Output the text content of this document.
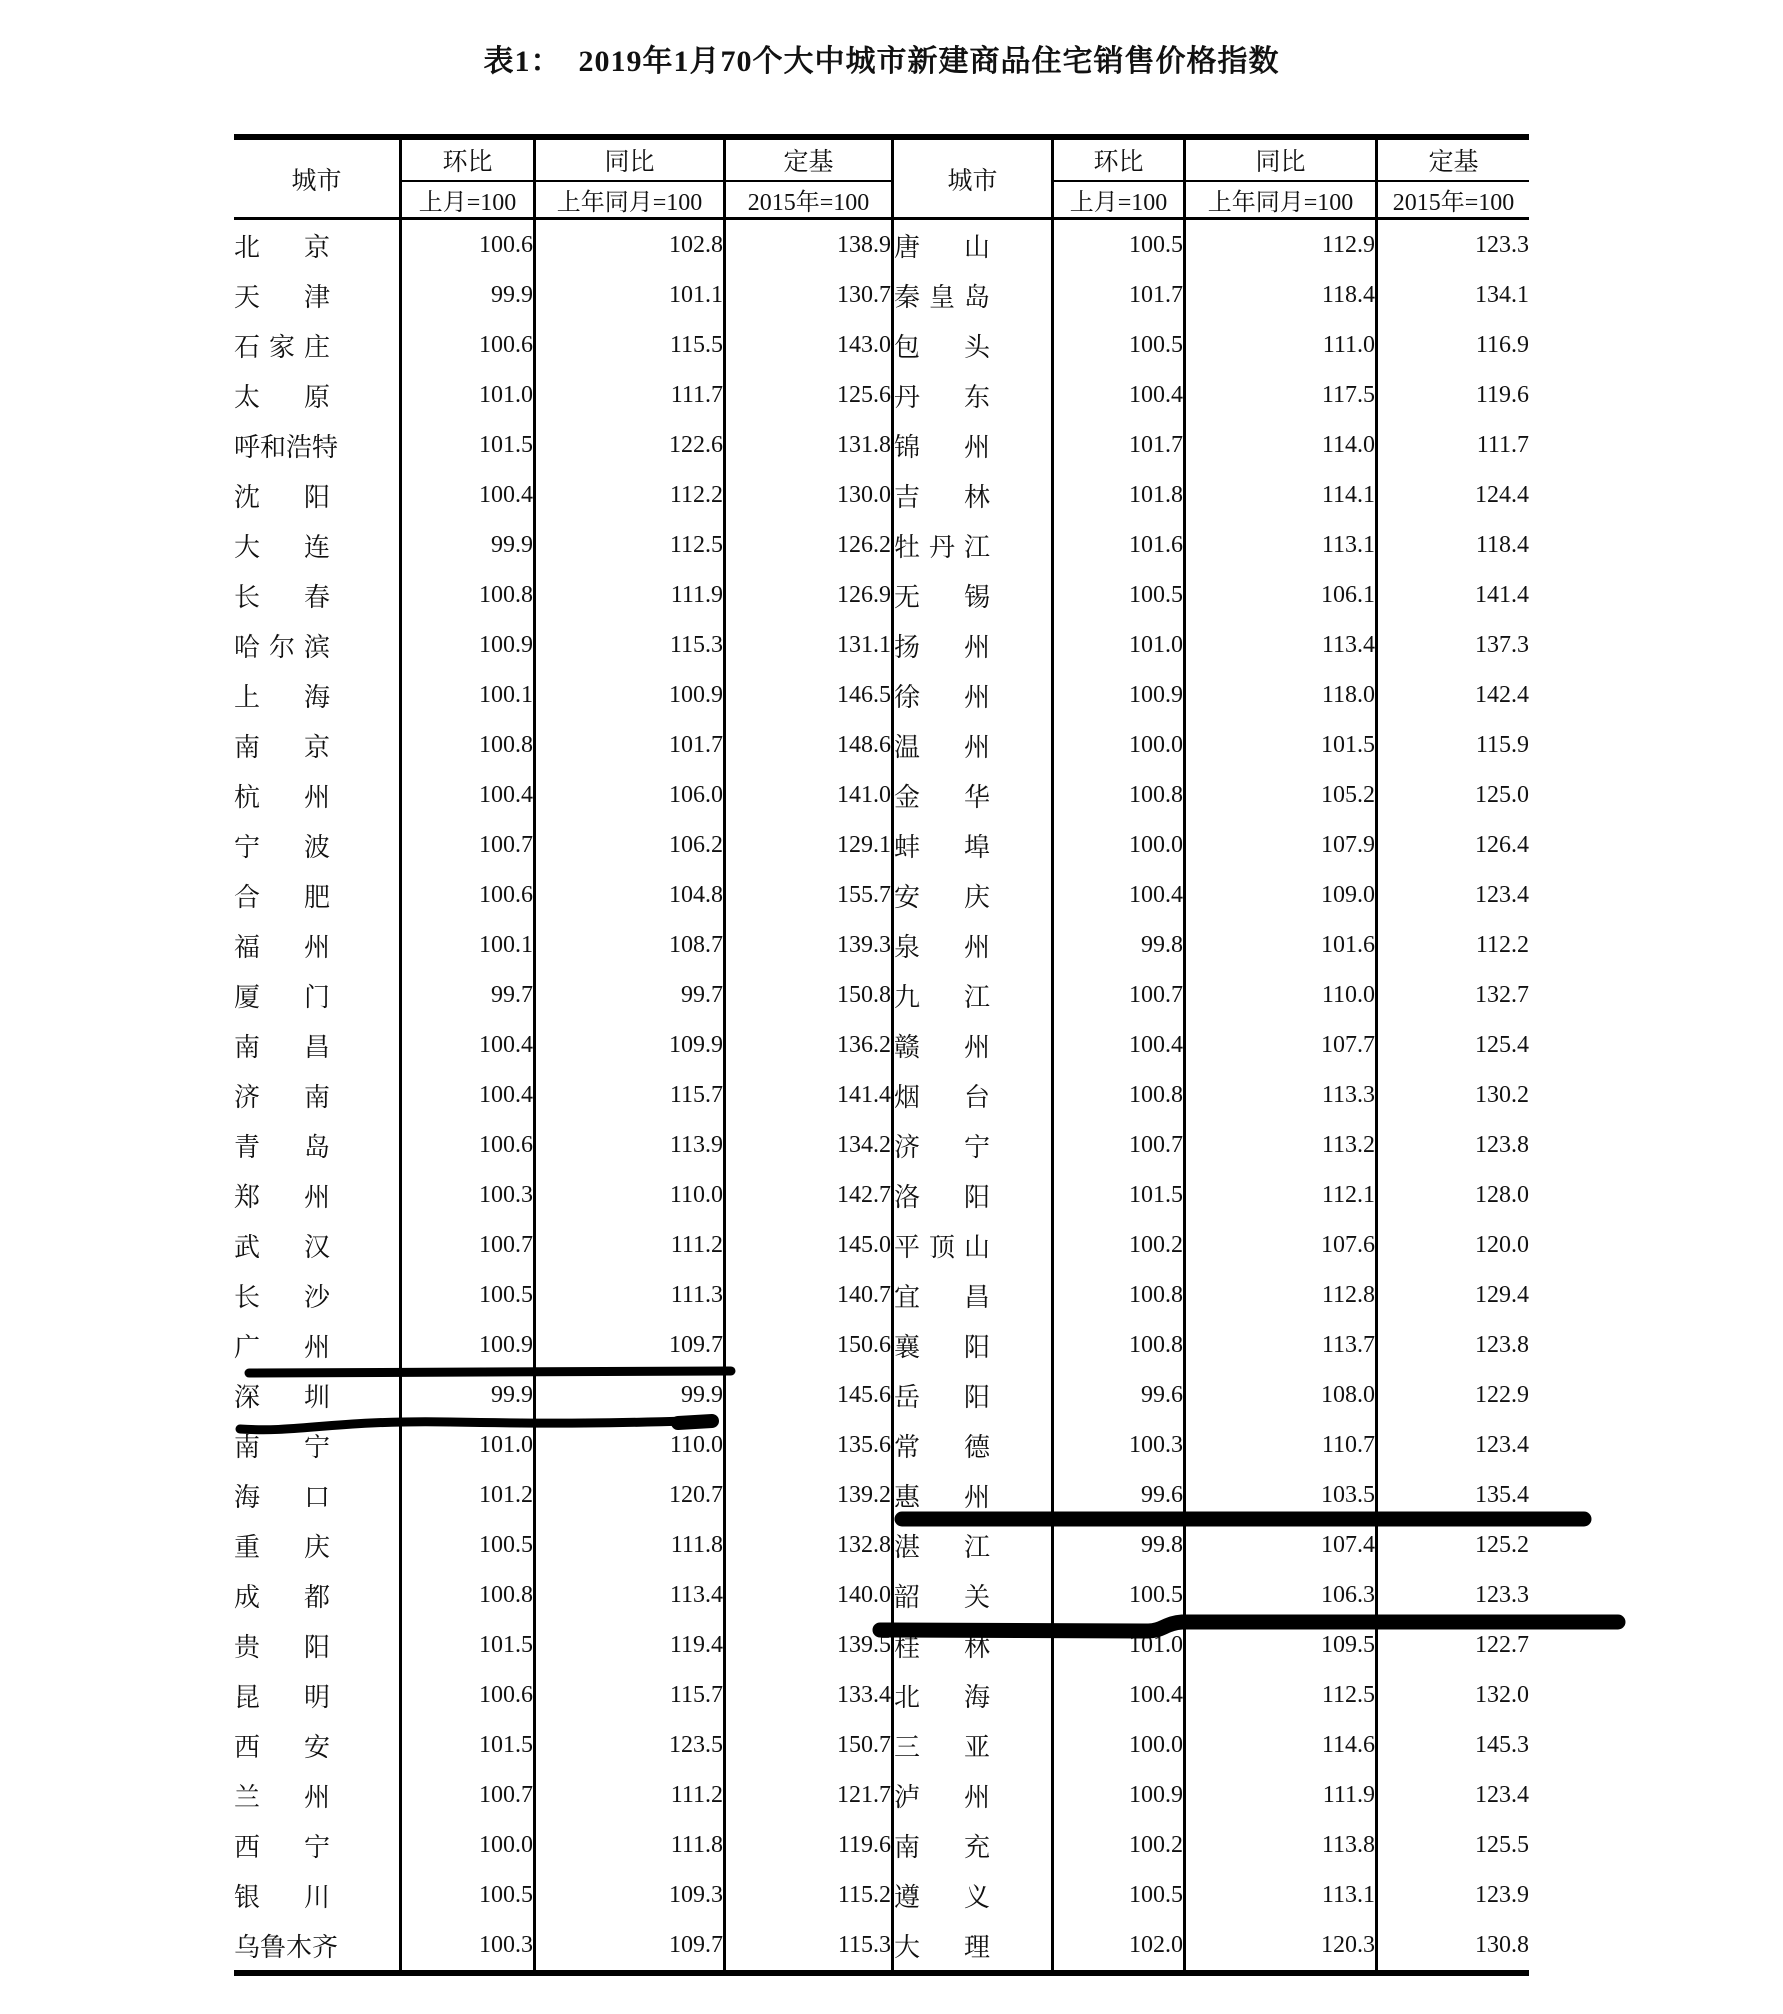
表1：  2019年1月70个大中城市新建商品住宅销售价格指数
城市	环比	同比	定基	城市	环比	同比	定基
	上月=100	上年同月=100	2015年=100		上月=100	上年同月=100	2015年=100
北京	100.6	102.8	138.9	唐山	100.5	112.9	123.3
天津	99.9	101.1	130.7	秦皇岛	101.7	118.4	134.1
石家庄	100.6	115.5	143.0	包头	100.5	111.0	116.9
太原	101.0	111.7	125.6	丹东	100.4	117.5	119.6
呼和浩特	101.5	122.6	131.8	锦州	101.7	114.0	111.7
沈阳	100.4	112.2	130.0	吉林	101.8	114.1	124.4
大连	99.9	112.5	126.2	牡丹江	101.6	113.1	118.4
长春	100.8	111.9	126.9	无锡	100.5	106.1	141.4
哈尔滨	100.9	115.3	131.1	扬州	101.0	113.4	137.3
上海	100.1	100.9	146.5	徐州	100.9	118.0	142.4
南京	100.8	101.7	148.6	温州	100.0	101.5	115.9
杭州	100.4	106.0	141.0	金华	100.8	105.2	125.0
宁波	100.7	106.2	129.1	蚌埠	100.0	107.9	126.4
合肥	100.6	104.8	155.7	安庆	100.4	109.0	123.4
福州	100.1	108.7	139.3	泉州	99.8	101.6	112.2
厦门	99.7	99.7	150.8	九江	100.7	110.0	132.7
南昌	100.4	109.9	136.2	赣州	100.4	107.7	125.4
济南	100.4	115.7	141.4	烟台	100.8	113.3	130.2
青岛	100.6	113.9	134.2	济宁	100.7	113.2	123.8
郑州	100.3	110.0	142.7	洛阳	101.5	112.1	128.0
武汉	100.7	111.2	145.0	平顶山	100.2	107.6	120.0
长沙	100.5	111.3	140.7	宜昌	100.8	112.8	129.4
广州	100.9	109.7	150.6	襄阳	100.8	113.7	123.8
深圳	99.9	99.9	145.6	岳阳	99.6	108.0	122.9
南宁	101.0	110.0	135.6	常德	100.3	110.7	123.4
海口	101.2	120.7	139.2	惠州	99.6	103.5	135.4
重庆	100.5	111.8	132.8	湛江	99.8	107.4	125.2
成都	100.8	113.4	140.0	韶关	100.5	106.3	123.3
贵阳	101.5	119.4	139.5	桂林	101.0	109.5	122.7
昆明	100.6	115.7	133.4	北海	100.4	112.5	132.0
西安	101.5	123.5	150.7	三亚	100.0	114.6	145.3
兰州	100.7	111.2	121.7	泸州	100.9	111.9	123.4
西宁	100.0	111.8	119.6	南充	100.2	113.8	125.5
银川	100.5	109.3	115.2	遵义	100.5	113.1	123.9
乌鲁木齐	100.3	109.7	115.3	大理	102.0	120.3	130.8
